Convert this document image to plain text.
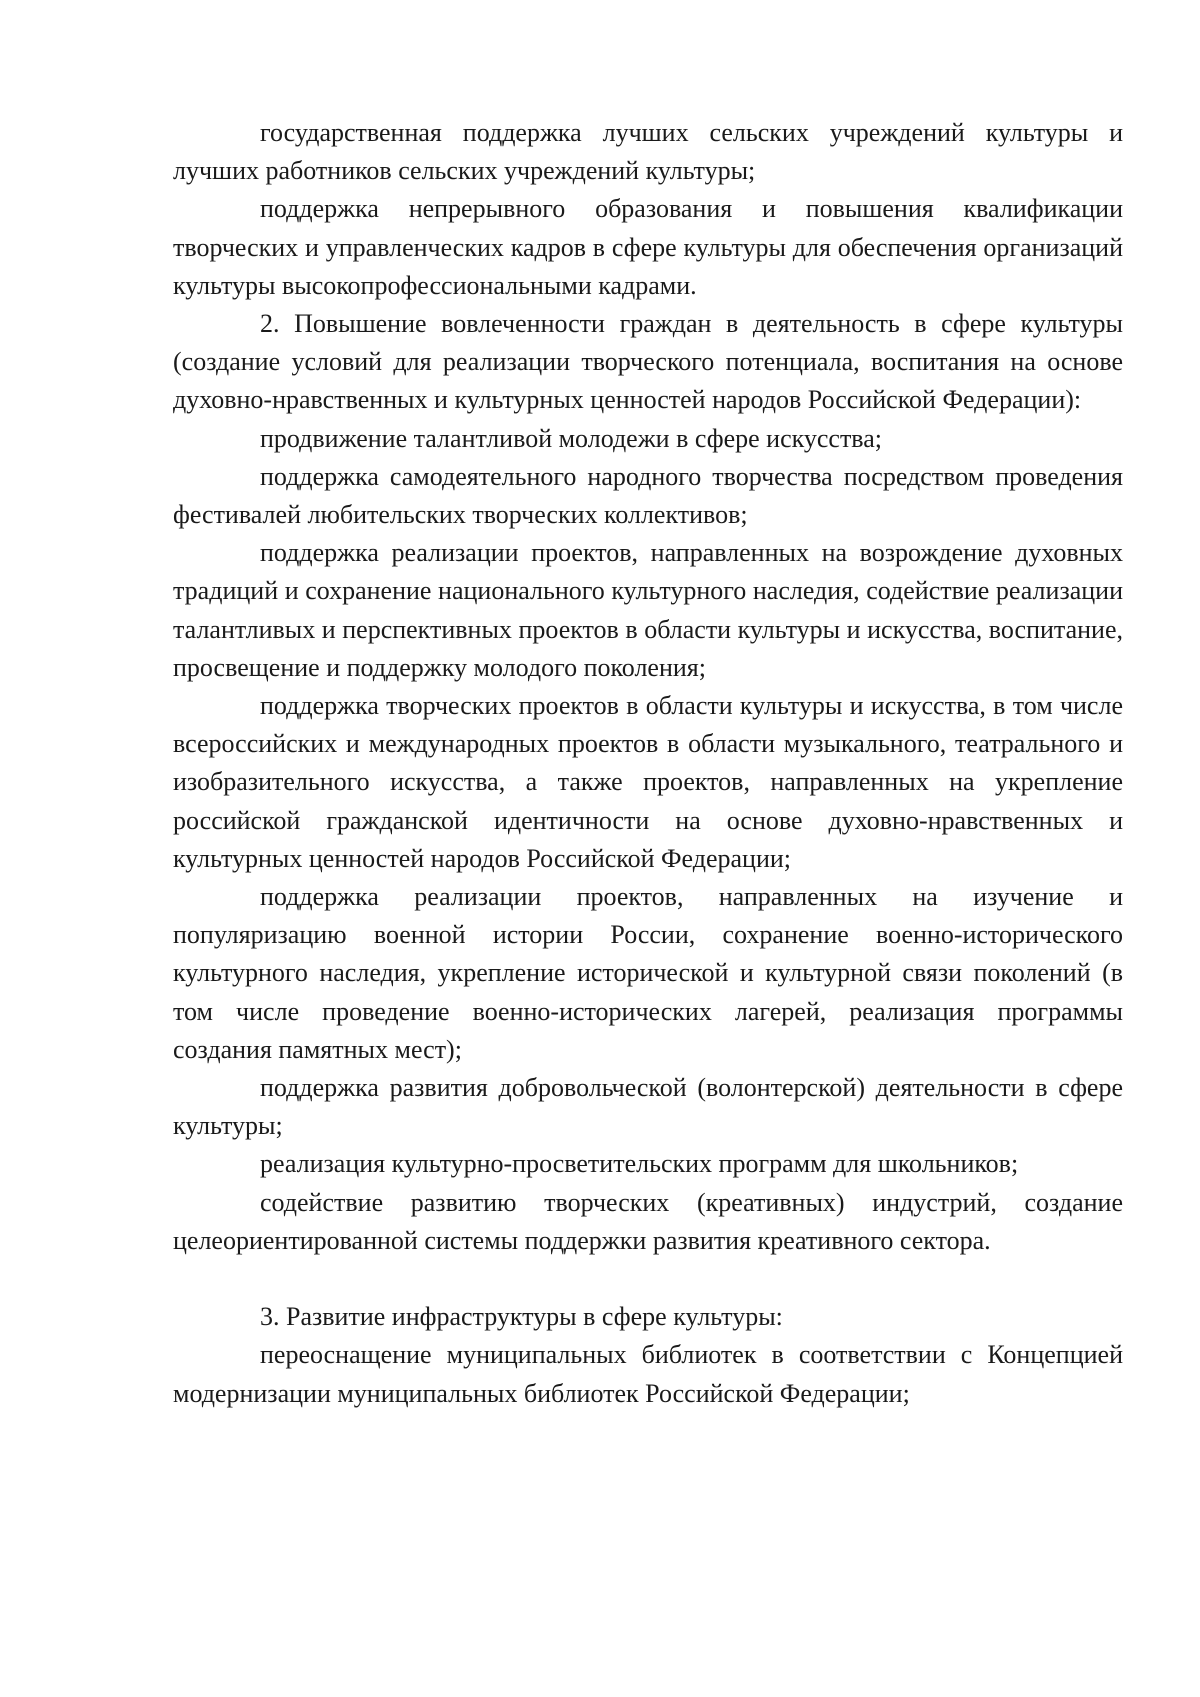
государственная поддержка лучших сельских учреждений культуры и лучших работников сельских учреждений культуры;

поддержка непрерывного образования и повышения квалификации творческих и управленческих кадров в сфере культуры для обеспечения организаций культуры высокопрофессиональными кадрами.

2. Повышение вовлеченности граждан в деятельность в сфере культуры (создание условий для реализации творческого потенциала, воспитания на основе духовно-нравственных и культурных ценностей народов Российской Федерации):

продвижение талантливой молодежи в сфере искусства;

поддержка самодеятельного народного творчества посредством проведения фестивалей любительских творческих коллективов;

поддержка реализации проектов, направленных на возрождение духовных традиций и сохранение национального культурного наследия, содействие реализации талантливых и перспективных проектов в области культуры и искусства, воспитание, просвещение и поддержку молодого поколения;

поддержка творческих проектов в области культуры и искусства, в том числе всероссийских и международных проектов в области музыкального, театрального и изобразительного искусства, а также проектов, направленных на укрепление российской гражданской идентичности на основе духовно-нравственных и культурных ценностей народов Российской Федерации;

поддержка реализации проектов, направленных на изучение и популяризацию военной истории России, сохранение военно-исторического культурного наследия, укрепление исторической и культурной связи поколений (в том числе проведение военно-исторических лагерей, реализация программы создания памятных мест);

поддержка развития добровольческой (волонтерской) деятельности в сфере культуры;

реализация культурно-просветительских программ для школьников;

содействие развитию творческих (креативных) индустрий, создание целеориентированной системы поддержки развития креативного сектора.

3. Развитие инфраструктуры в сфере культуры:

переоснащение муниципальных библиотек в соответствии с Концепцией модернизации муниципальных библиотек Российской Федерации;
